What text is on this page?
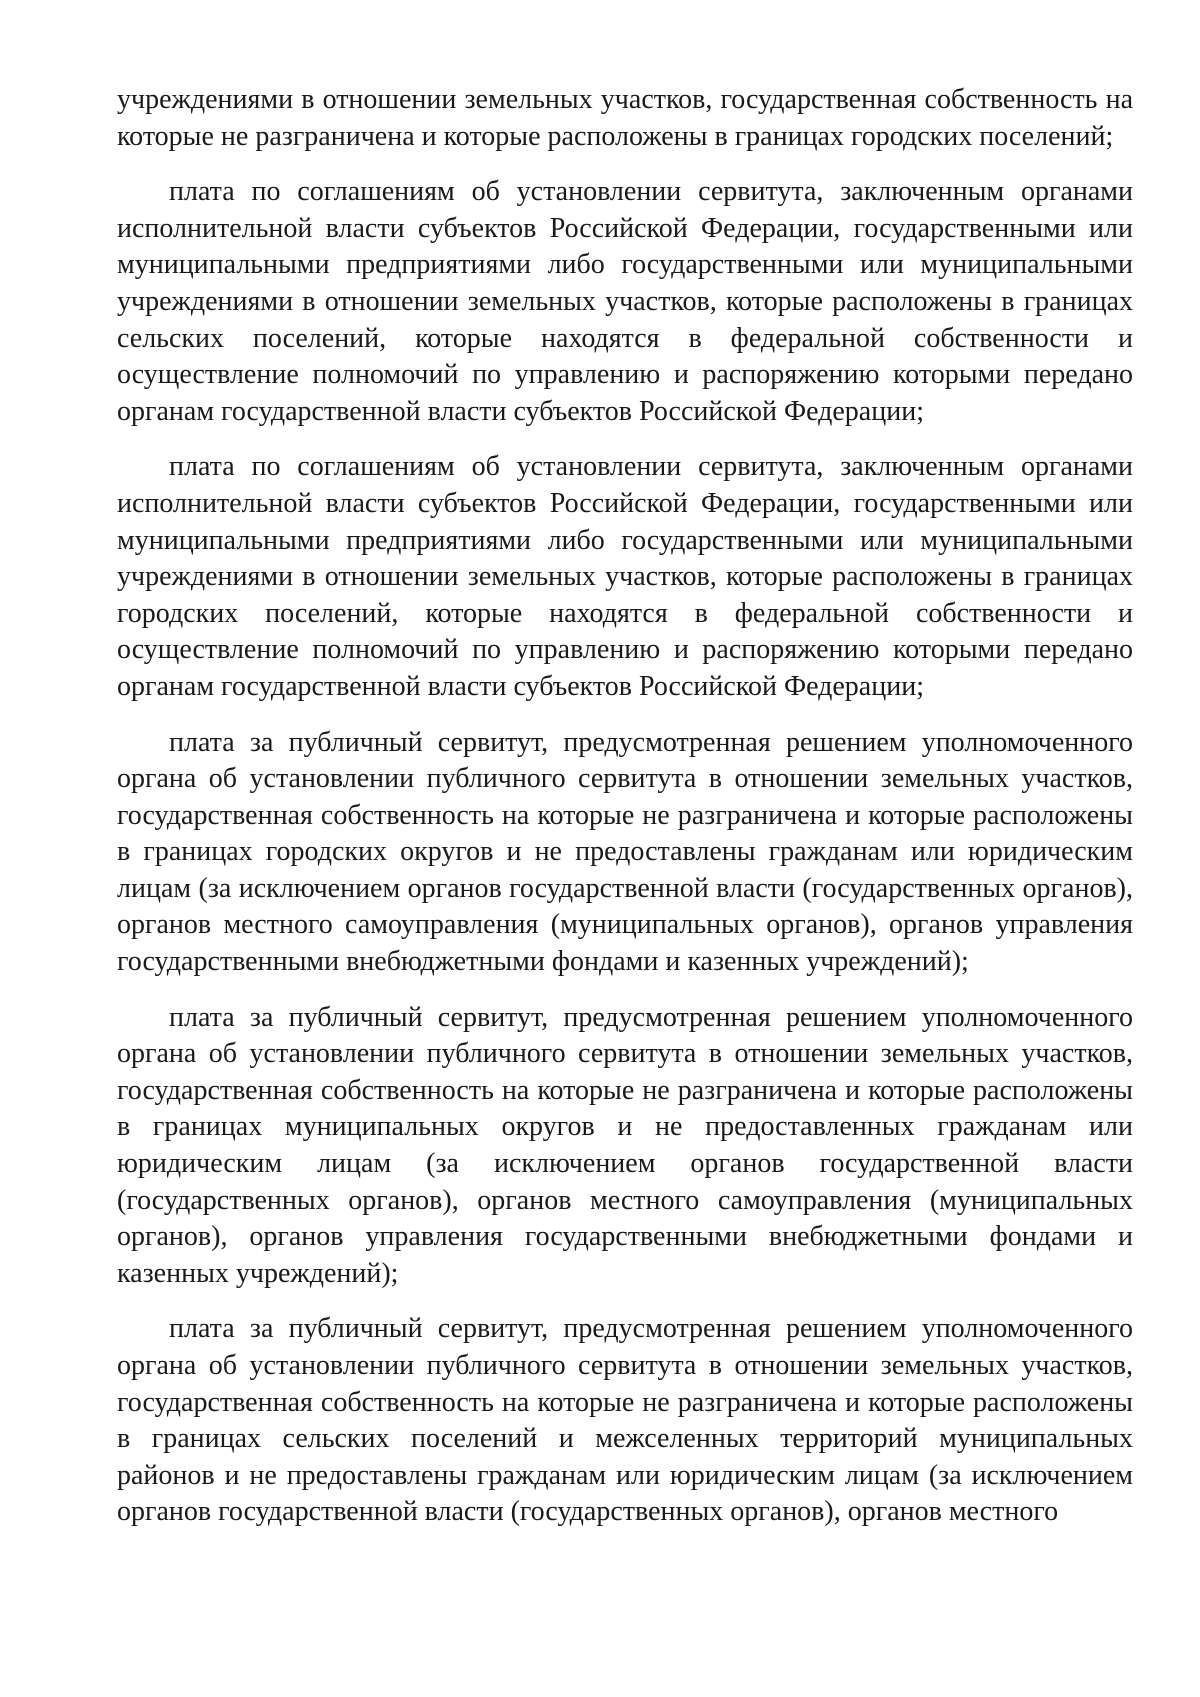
учреждениями в отношении земельных участков, государственная собственность на которые не разграничена и которые расположены в границах городских поселений;

плата по соглашениям об установлении сервитута, заключенным органами исполнительной власти субъектов Российской Федерации, государственными или муниципальными предприятиями либо государственными или муниципальными учреждениями в отношении земельных участков, которые расположены в границах сельских поселений, которые находятся в федеральной собственности и осуществление полномочий по управлению и распоряжению которыми передано органам государственной власти субъектов Российской Федерации;

плата по соглашениям об установлении сервитута, заключенным органами исполнительной власти субъектов Российской Федерации, государственными или муниципальными предприятиями либо государственными или муниципальными учреждениями в отношении земельных участков, которые расположены в границах городских поселений, которые находятся в федеральной собственности и осуществление полномочий по управлению и распоряжению которыми передано органам государственной власти субъектов Российской Федерации;

плата за публичный сервитут, предусмотренная решением уполномоченного органа об установлении публичного сервитута в отношении земельных участков, государственная собственность на которые не разграничена и которые расположены в границах городских округов и не предоставлены гражданам или юридическим лицам (за исключением органов государственной власти (государственных органов), органов местного самоуправления (муниципальных органов), органов управления государственными внебюджетными фондами и казенных учреждений);

плата за публичный сервитут, предусмотренная решением уполномоченного органа об установлении публичного сервитута в отношении земельных участков, государственная собственность на которые не разграничена и которые расположены в границах муниципальных округов и не предоставленных гражданам или юридическим лицам (за исключением органов государственной власти (государственных органов), органов местного самоуправления (муниципальных органов), органов управления государственными внебюджетными фондами и казенных учреждений);

плата за публичный сервитут, предусмотренная решением уполномоченного органа об установлении публичного сервитута в отношении земельных участков, государственная собственность на которые не разграничена и которые расположены в границах сельских поселений и межселенных территорий муниципальных районов и не предоставлены гражданам или юридическим лицам (за исключением органов государственной власти (государственных органов), органов местного
